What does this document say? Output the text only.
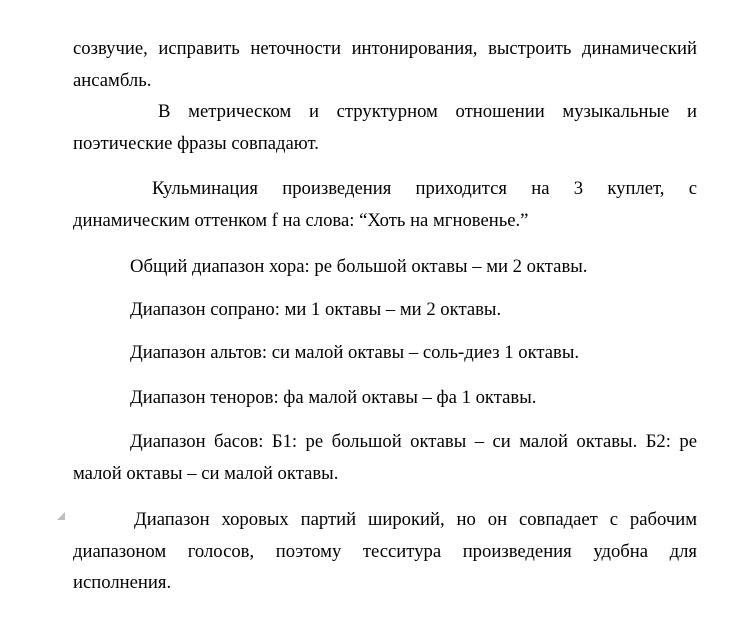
созвучие, исправить неточности интонирования, выстроить динамический ансамбль.

В метрическом и структурном отношении музыкальные и поэтические фразы совпадают.

Кульминация произведения приходится на 3 куплет, с динамическим оттенком f на слова: “Хоть на мгновенье.”

Общий диапазон хора: ре большой октавы – ми 2 октавы.

Диапазон сопрано: ми 1 октавы – ми 2 октавы.

Диапазон альтов: си малой октавы – соль-диез 1 октавы.

Диапазон теноров: фа малой октавы – фа 1 октавы.

Диапазон басов: Б1: ре большой октавы – си малой октавы. Б2: ре малой октавы – си малой октавы.

Диапазон хоровых партий широкий, но он совпадает с рабочим диапазоном голосов, поэтому тесситура произведения удобна для исполнения.
